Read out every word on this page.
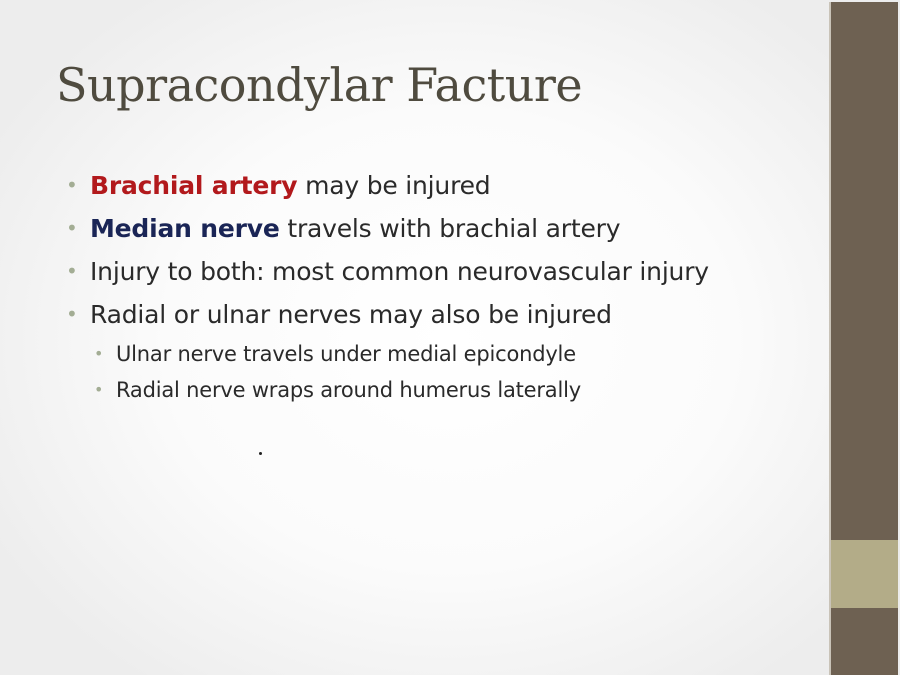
Supracondylar Facture
• Brachial artery may be injured
• Median nerve travels with brachial artery
• Injury to both: most common neurovascular injury
• Radial or ulnar nerves may also be injured
• Ulnar nerve travels under medial epicondyle
• Radial nerve wraps around humerus laterally
